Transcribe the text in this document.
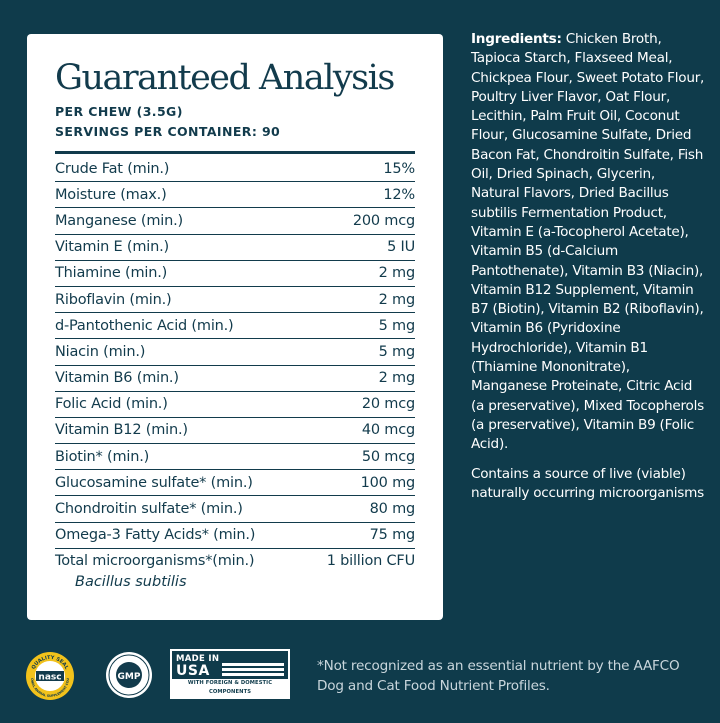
Guaranteed Analysis
PER CHEW (3.5G)
SERVINGS PER CONTAINER: 90
Crude Fat (min.)	15%
Moisture (max.)	12%
Manganese (min.)	200 mcg
Vitamin E (min.)	5 IU
Thiamine (min.)	2 mg
Riboflavin (min.)	2 mg
d-Pantothenic Acid (min.)	5 mg
Niacin (min.)	5 mg
Vitamin B6 (min.)	2 mg
Folic Acid (min.)	20 mcg
Vitamin B12 (min.)	40 mcg
Biotin* (min.)	50 mcg
Glucosamine sulfate* (min.)	100 mg
Chondroitin sulfate* (min.)	80 mg
Omega-3 Fatty Acids* (min.)	75 mg
Total microorganisms*(min.)	1 billion CFU
Bacillus subtilis

Ingredients: Chicken Broth, Tapioca Starch, Flaxseed Meal, Chickpea Flour, Sweet Potato Flour, Poultry Liver Flavor, Oat Flour, Lecithin, Palm Fruit Oil, Coconut Flour, Glucosamine Sulfate, Dried Bacon Fat, Chondroitin Sulfate, Fish Oil, Dried Spinach, Glycerin, Natural Flavors, Dried Bacillus subtilis Fermentation Product, Vitamin E (a-Tocopherol Acetate), Vitamin B5 (d-Calcium Pantothenate), Vitamin B3 (Niacin), Vitamin B12 Supplement, Vitamin B7 (Biotin), Vitamin B2 (Riboflavin), Vitamin B6 (Pyridoxine Hydrochloride), Vitamin B1 (Thiamine Mononitrate), Manganese Proteinate, Citric Acid (a preservative), Mixed Tocopherols (a preservative), Vitamin B9 (Folic Acid).

Contains a source of live (viable) naturally occurring microorganisms

QUALITY SEAL
ONAL ANIMAL SUPPLEMENT COU
nasc	GMP
MADE IN
USA
WITH FOREIGN & DOMESTIC COMPONENTS
*Not recognized as an essential nutrient by the AAFCO Dog and Cat Food Nutrient Profiles.
